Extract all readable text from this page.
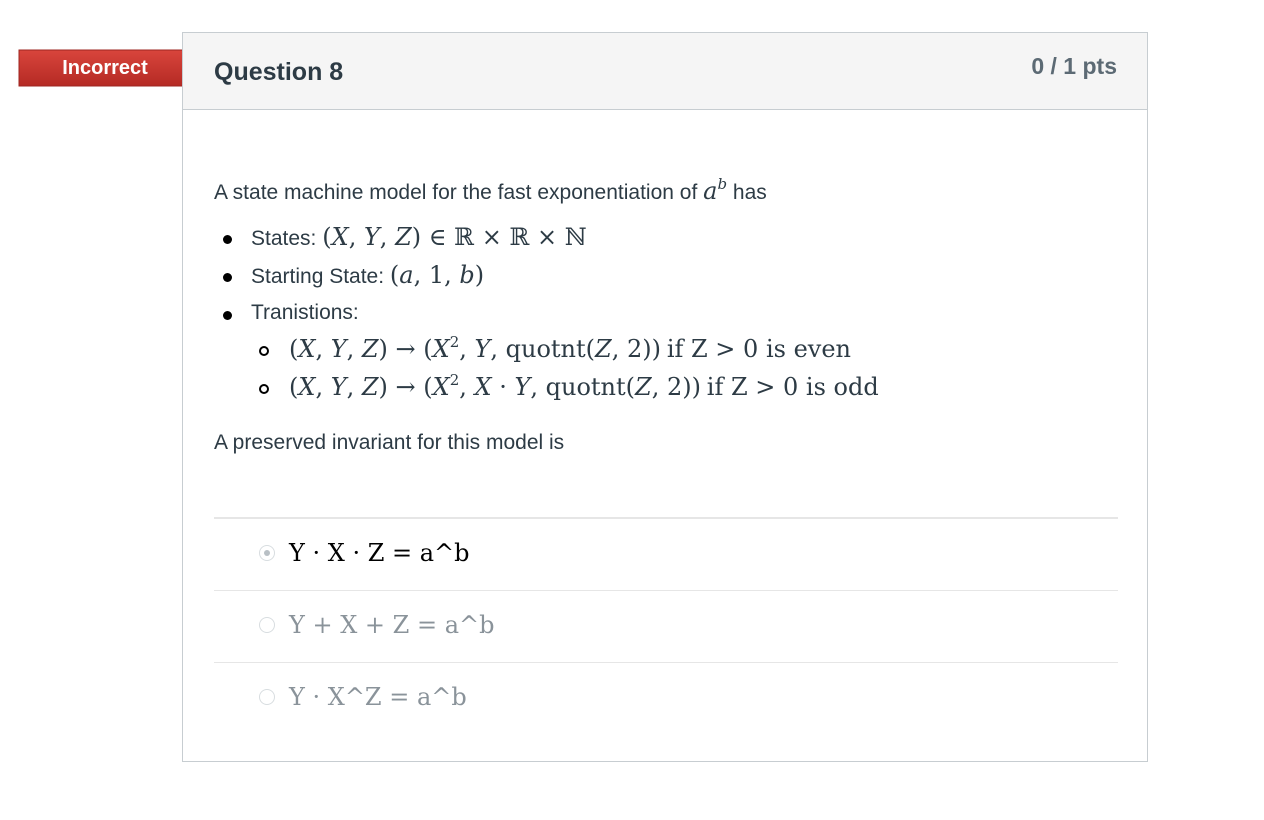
Incorrect	Question 8	0 / 1 pts

A state machine model for the fast exponentiation of $a^b$ has

States: (X, Y, Z) ∈ ℝ × ℝ × ℕ
Starting State: (a, 1, b)
Tranistions:
(X, Y, $Z) \to (X^2$, Y, quotnt(Z, 2)) if Z > 0 is even
(X, Y, $Z) \to (X^2$, X · Y, quotnt(Z, 2)) if Z > 0 is odd

A preserved invariant for this model is

Y · X · Z = a^b
Y + X + Z = a^b
Y · X^Z = a^b
